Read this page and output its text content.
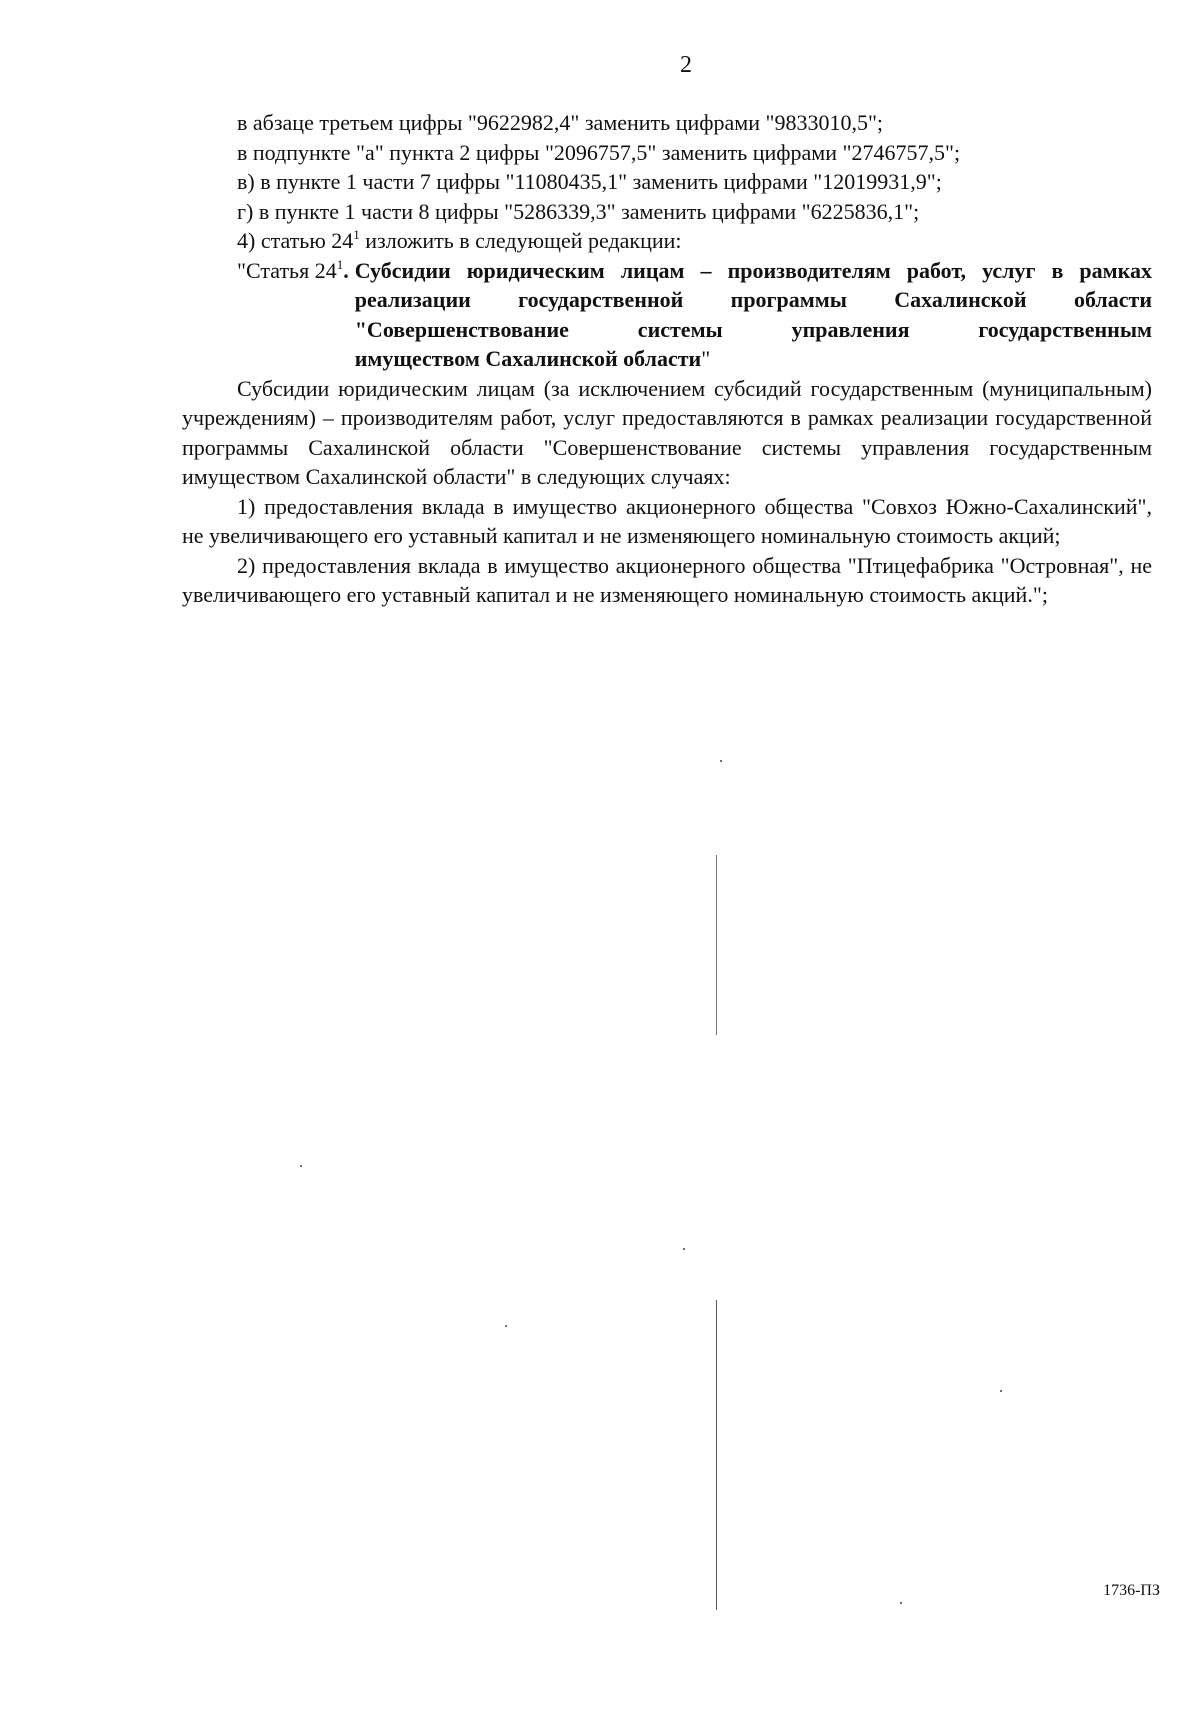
2
в абзаце третьем цифры "9622982,4" заменить цифрами "9833010,5";
в подпункте "а" пункта 2 цифры "2096757,5" заменить цифрами "2746757,5";
в) в пункте 1 части 7 цифры "11080435,1" заменить цифрами "12019931,9";
г) в пункте 1 части 8 цифры "5286339,3" заменить цифрами "6225836,1";
4) статью $24^1$ изложить в следующей редакции:
"Статья $24^1$. Субсидии юридическим лицам – производителям работ, услуг в рамках реализации государственной программы Сахалинской области "Совершенствование системы управления государственным
имуществом Сахалинской области"

Субсидии юридическим лицам (за исключением субсидий государственным (муниципальным) учреждениям) – производителям работ, услуг предоставляются в рамках реализации государственной программы Сахалинской области "Совершенствование системы управления государственным имуществом Сахалинской области" в следующих случаях:

1) предоставления вклада в имущество акционерного общества "Совхоз Южно-Сахалинский", не увеличивающего его уставный капитал и не изменяющего номинальную стоимость акций;

2) предоставления вклада в имущество акционерного общества "Птицефабрика "Островная", не увеличивающего его уставный капитал и не изменяющего номинальную стоимость акций.";

1736-ПЗ
